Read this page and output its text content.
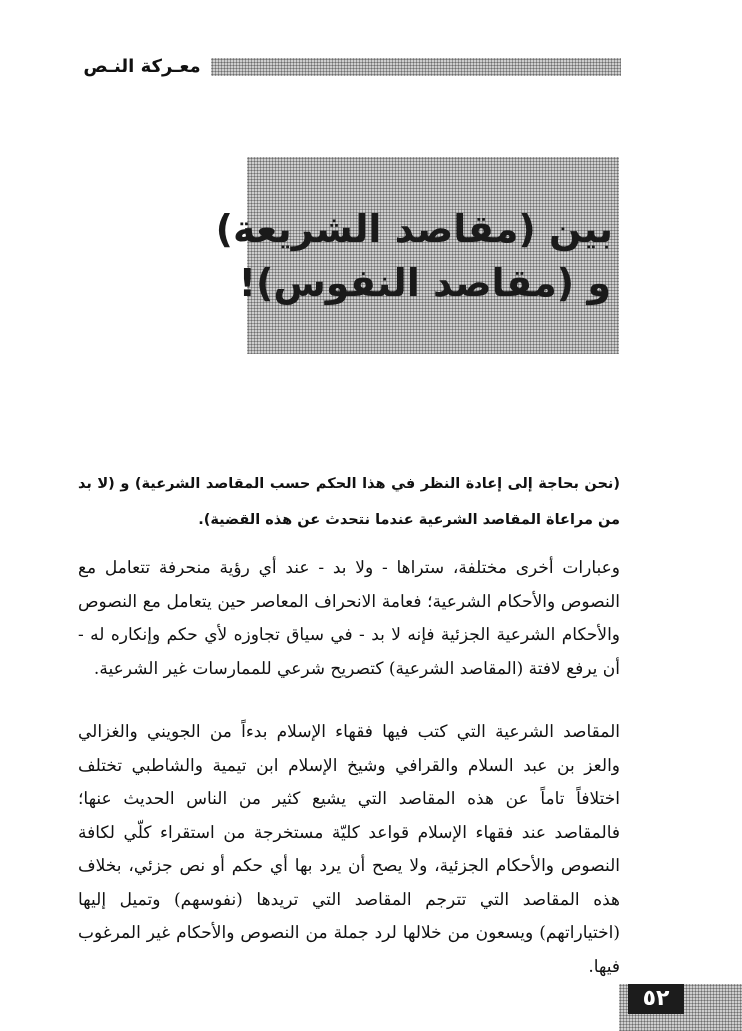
معـركة النـص
بين (مقاصد الشريعة)
و (مقاصد النفوس)!

(نحن بحاجة إلى إعادة النظر في هذا الحكم حسب المقاصد الشرعية) و (لا بد من مراعاة المقاصد الشرعية عندما نتحدث عن هذه القضية).

وعبارات أخرى مختلفة، ستراها - ولا بد - عند أي رؤية منحرفة تتعامل مع النصوص والأحكام الشرعية؛ فعامة الانحراف المعاصر حين يتعامل مع النصوص والأحكام الشرعية الجزئية فإنه لا بد - في سياق تجاوزه لأي حكم وإنكاره له - أن يرفع لافتة (المقاصد الشرعية) كتصريح شرعي للممارسات غير الشرعية.

المقاصد الشرعية التي كتب فيها فقهاء الإسلام بدءاً من الجويني والغزالي والعز بن عبد السلام والقرافي وشيخ الإسلام ابن تيمية والشاطبي تختلف اختلافاً تاماً عن هذه المقاصد التي يشيع كثير من الناس الحديث عنها؛ فالمقاصد عند فقهاء الإسلام قواعد كليّة مستخرجة من استقراء كلّي لكافة النصوص والأحكام الجزئية، ولا يصح أن يرد بها أي حكم أو نص جزئي، بخلاف هذه المقاصد التي تترجم المقاصد التي تريدها (نفوسهم) وتميل إليها (اختياراتهم) ويسعون من خلالها لرد جملة من النصوص والأحكام غير المرغوب فيها.

٥٢
